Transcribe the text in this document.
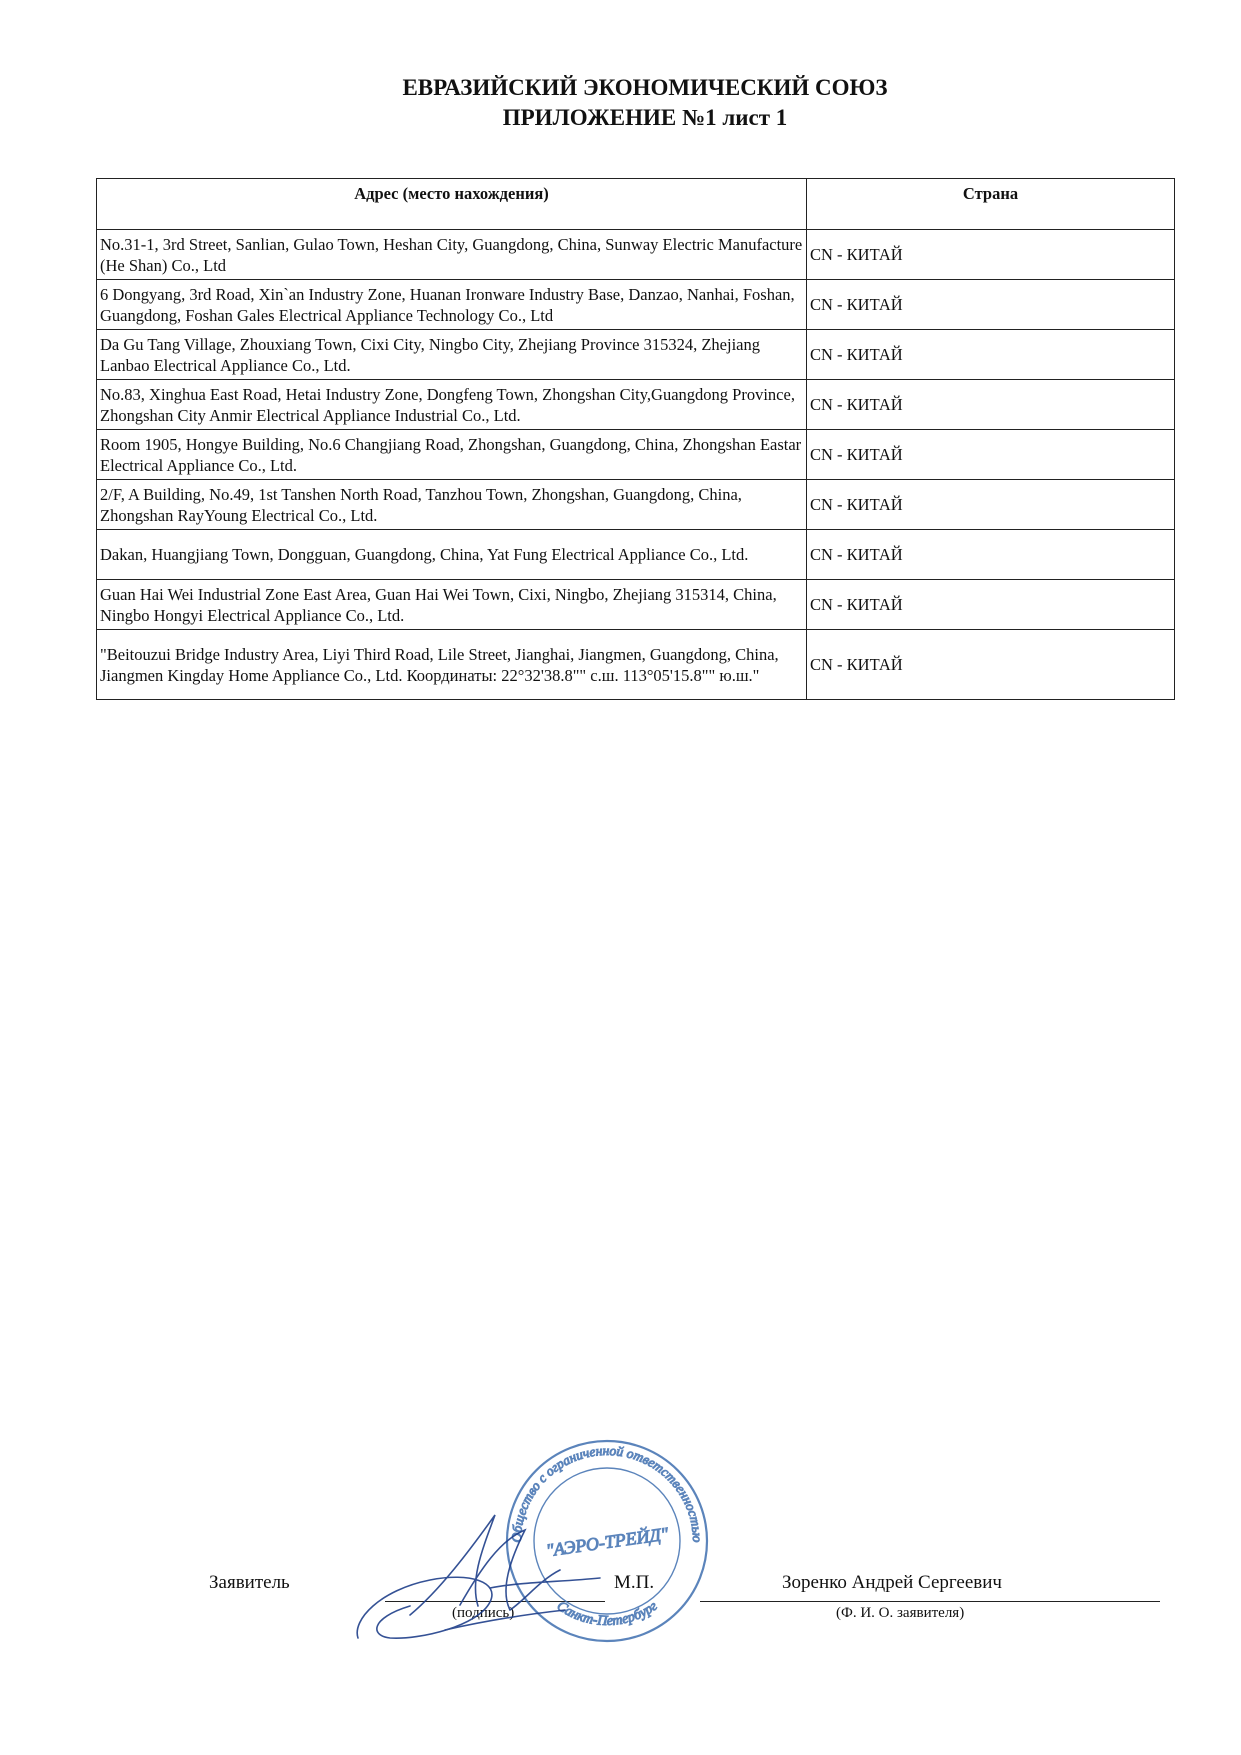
ЕВРАЗИЙСКИЙ ЭКОНОМИЧЕСКИЙ СОЮЗ
ПРИЛОЖЕНИЕ №1 лист 1
Адрес (место нахождения)	Страна
No.31-1, 3rd Street, Sanlian, Gulao Town, Heshan City, Guangdong, China, Sunway Electric Manufacture (He Shan) Co., Ltd	CN - КИТАЙ
6 Dongyang, 3rd Road, Xin`an Industry Zone, Huanan Ironware Industry Base, Danzao, Nanhai, Foshan, Guangdong, Foshan Gales Electrical Appliance Technology Co., Ltd	CN - КИТАЙ
Da Gu Tang Village, Zhouxiang Town, Cixi City, Ningbo City, Zhejiang Province 315324, Zhejiang Lanbao Electrical Appliance Co., Ltd.	CN - КИТАЙ
No.83, Xinghua East Road, Hetai Industry Zone, Dongfeng Town, Zhongshan City,Guangdong Province, Zhongshan City Anmir Electrical Appliance Industrial Co., Ltd.	CN - КИТАЙ
Room 1905, Hongye Building, No.6 Changjiang Road, Zhongshan, Guangdong, China, Zhongshan Eastar Electrical Appliance Co., Ltd.	CN - КИТАЙ
2/F, A Building, No.49, 1st Tanshen North Road, Tanzhou Town, Zhongshan, Guangdong, China, Zhongshan RayYoung Electrical Co., Ltd.	CN - КИТАЙ
Dakan, Huangjiang Town, Dongguan, Guangdong, China, Yat Fung Electrical Appliance Co., Ltd.	CN - КИТАЙ
Guan Hai Wei Industrial Zone East Area, Guan Hai Wei Town, Cixi, Ningbo, Zhejiang 315314, China, Ningbo Hongyi Electrical Appliance Co., Ltd.	CN - КИТАЙ
"Beitouzui Bridge Industry Area, Liyi Third Road, Lile Street, Jianghai, Jiangmen, Guangdong, China, Jiangmen Kingday Home Appliance Co., Ltd. Координаты: 22°32'38.8"" с.ш. 113°05'15.8"" ю.ш."	CN - КИТАЙ
Заявитель
(подпись)
М.П.	Зоренко Андрей Сергеевич
(Ф. И. О. заявителя)
Общество с ограниченной ответственностью
Санкт-Петербург
"АЭРО-ТРЕЙД"
